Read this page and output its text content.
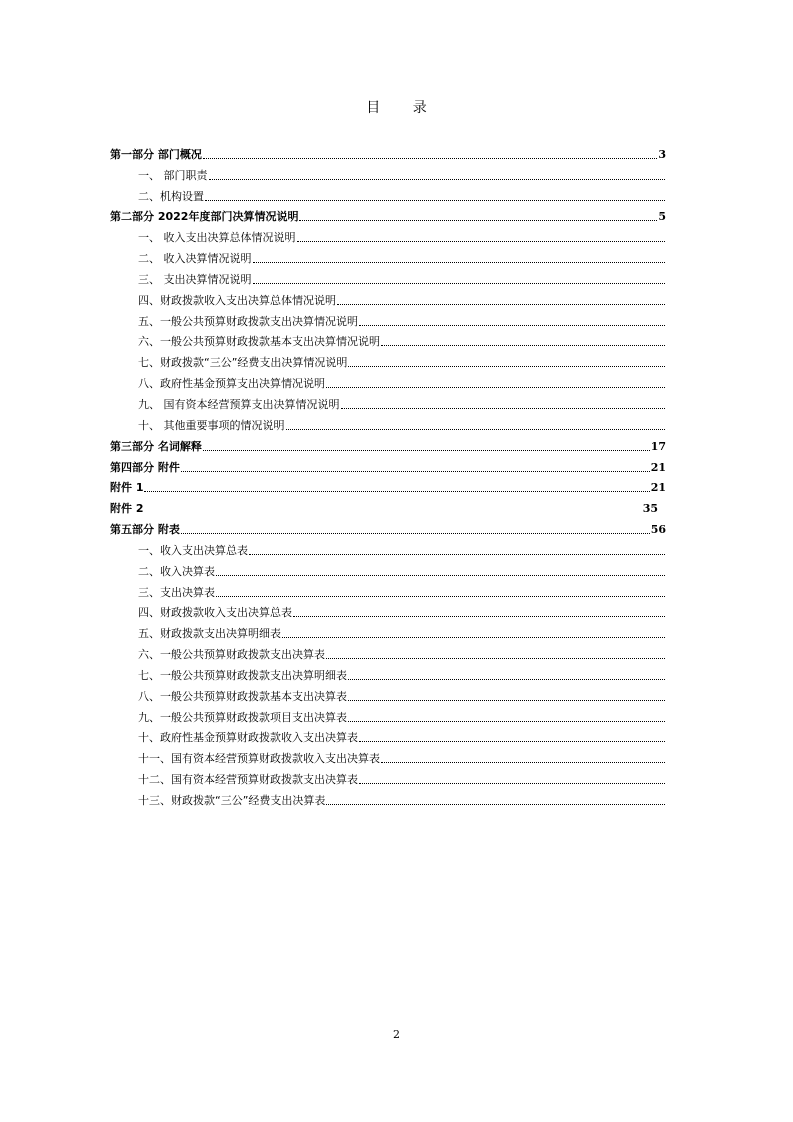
目 录
第一部分 部门概况	3
一、 部门职责
二、机构设置
第二部分 2022年度部门决算情况说明	5
一、 收入支出决算总体情况说明
二、 收入决算情况说明
三、 支出决算情况说明
四、财政拨款收入支出决算总体情况说明
五、一般公共预算财政拨款支出决算情况说明
六、一般公共预算财政拨款基本支出决算情况说明
七、财政拨款“三公”经费支出决算情况说明
八、政府性基金预算支出决算情况说明
九、 国有资本经营预算支出决算情况说明
十、 其他重要事项的情况说明
第三部分 名词解释	17
第四部分 附件	21
附件 1	21
附件 2	35
第五部分 附表	56
一、收入支出决算总表
二、收入决算表
三、支出决算表
四、财政拨款收入支出决算总表
五、财政拨款支出决算明细表
六、一般公共预算财政拨款支出决算表
七、一般公共预算财政拨款支出决算明细表
八、一般公共预算财政拨款基本支出决算表
九、一般公共预算财政拨款项目支出决算表
十、政府性基金预算财政拨款收入支出决算表
十一、国有资本经营预算财政拨款收入支出决算表
十二、国有资本经营预算财政拨款支出决算表
十三、财政拨款“三公”经费支出决算表
2
